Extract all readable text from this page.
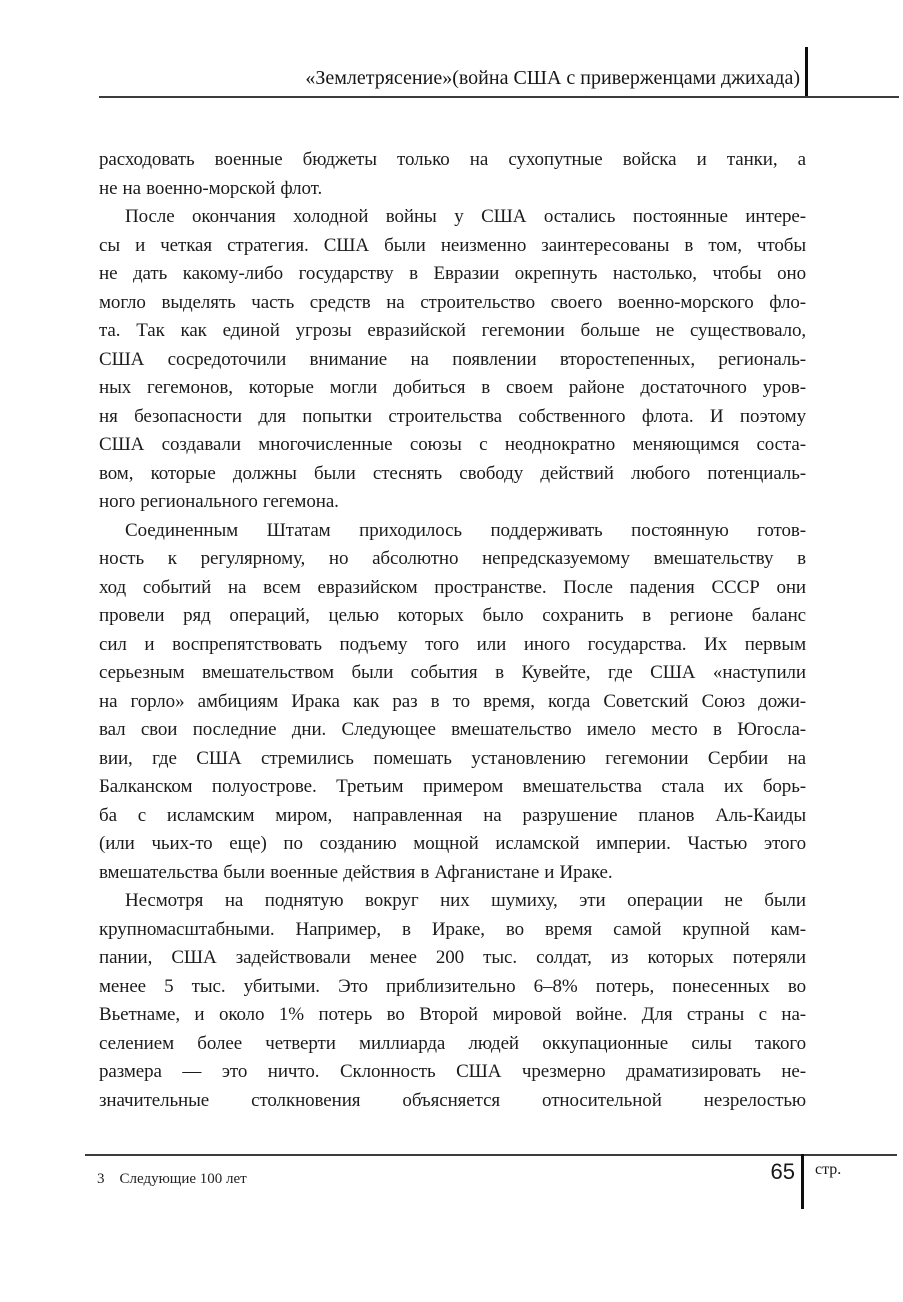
«Землетрясение»(война США с приверженцами джихада)
расходовать военные бюджеты только на сухопутные войска и танки, а
не на военно-морской флот.
После окончания холодной войны у США остались постоянные интере-
сы и четкая стратегия. США были неизменно заинтересованы в том, чтобы
не дать какому-либо государству в Евразии окрепнуть настолько, чтобы оно
могло выделять часть средств на строительство своего военно-морского фло-
та. Так как единой угрозы евразийской гегемонии больше не существовало,
США сосредоточили внимание на появлении второстепенных, региональ-
ных гегемонов, которые могли добиться в своем районе достаточного уров-
ня безопасности для попытки строительства собственного флота. И поэтому
США создавали многочисленные союзы с неоднократно меняющимся соста-
вом, которые должны были стеснять свободу действий любого потенциаль-
ного регионального гегемона.
Соединенным Штатам приходилось поддерживать постоянную готов-
ность к регулярному, но абсолютно непредсказуемому вмешательству в
ход событий на всем евразийском пространстве. После падения СССР они
провели ряд операций, целью которых было сохранить в регионе баланс
сил и воспрепятствовать подъему того или иного государства. Их первым
серьезным вмешательством были события в Кувейте, где США «наступили
на горло» амбициям Ирака как раз в то время, когда Советский Союз дожи-
вал свои последние дни. Следующее вмешательство имело место в Югосла-
вии, где США стремились помешать установлению гегемонии Сербии на
Балканском полуострове. Третьим примером вмешательства стала их борь-
ба с исламским миром, направленная на разрушение планов Аль-Каиды
(или чьих-то еще) по созданию мощной исламской империи. Частью этого
вмешательства были военные действия в Афганистане и Ираке.
Несмотря на поднятую вокруг них шумиху, эти операции не были
крупномасштабными. Например, в Ираке, во время самой крупной кам-
пании, США задействовали менее 200 тыс. солдат, из которых потеряли
менее 5 тыс. убитыми. Это приблизительно 6–8% потерь, понесенных во
Вьетнаме, и около 1% потерь во Второй мировой войне. Для страны с на-
селением более четверти миллиарда людей оккупационные силы такого
размера — это ничто. Склонность США чрезмерно драматизировать не-
значительные столкновения объясняется относительной незрелостью
65 стр.
3 Следующие 100 лет
